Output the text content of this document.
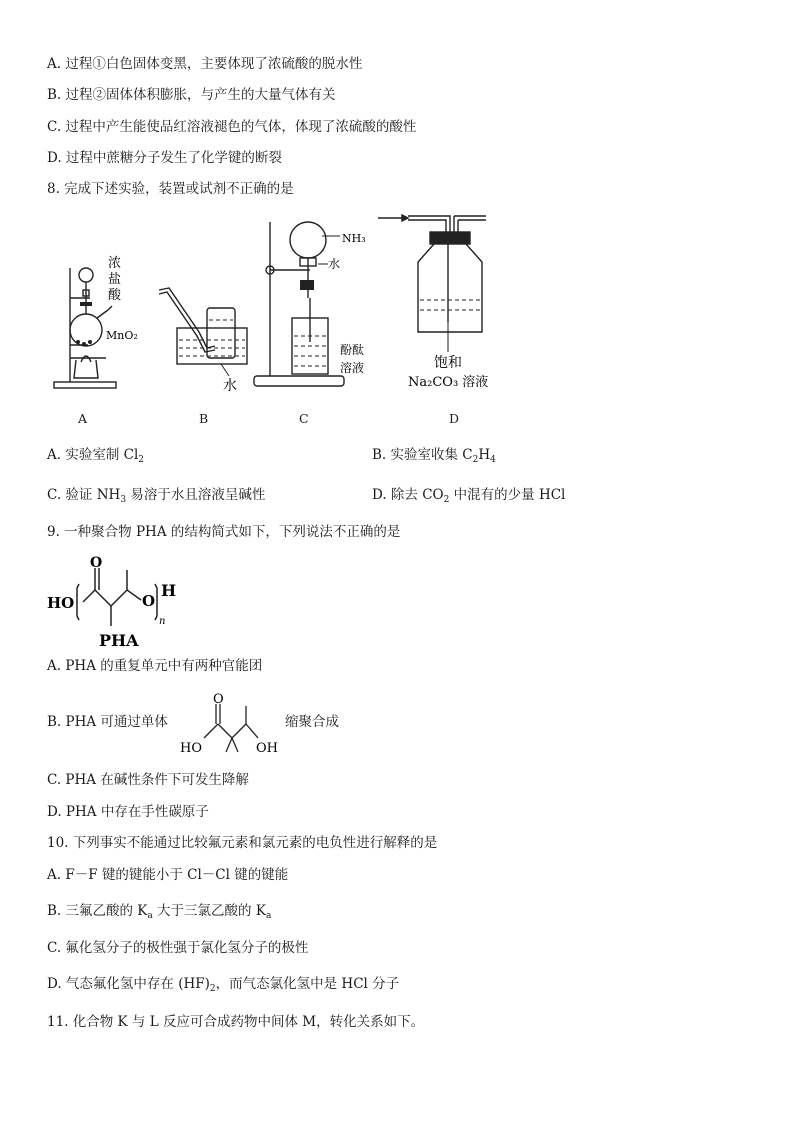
A. 过程①白色固体变黑，主要体现了浓硫酸的脱水性
B. 过程②固体体积膨胀，与产生的大量气体有关
C. 过程中产生能使品红溶液褪色的气体，体现了浓硫酸的酸性
D. 过程中蔗糖分子发生了化学键的断裂
8. 完成下述实验，装置或试剂不正确的是
浓
盐
酸
MnO₂
A
水
B
NH₃
水
酚酞
溶液
C
饱和
Na₂CO₃ 溶液
D
A. 实验室制 $Cl_2$	B. 实验室收集 $C_2H_4$
C. 验证 $NH_3$ 易溶于水且溶液呈碱性	D. 除去 $CO_2$ 中混有的少量 HCl
9. 一种聚合物 PHA 的结构简式如下，下列说法不正确的是
HO
O
O
H
n
PHA
A. PHA 的重复单元中有两种官能团
B. PHA 可通过单体
O
HO	OH
缩聚合成
C. PHA 在碱性条件下可发生降解
D. PHA 中存在手性碳原子
10. 下列事实不能通过比较氟元素和氯元素的电负性进行解释的是
A. F－F 键的键能小于 Cl－Cl 键的键能
B. 三氟乙酸的 $K_a$ 大于三氯乙酸的 $K_a$
C. 氟化氢分子的极性强于氯化氢分子的极性
D. 气态氟化氢中存在 $(HF)_2$，而气态氯化氢中是 HCl 分子
11. 化合物 K 与 L 反应可合成药物中间体 M，转化关系如下。
